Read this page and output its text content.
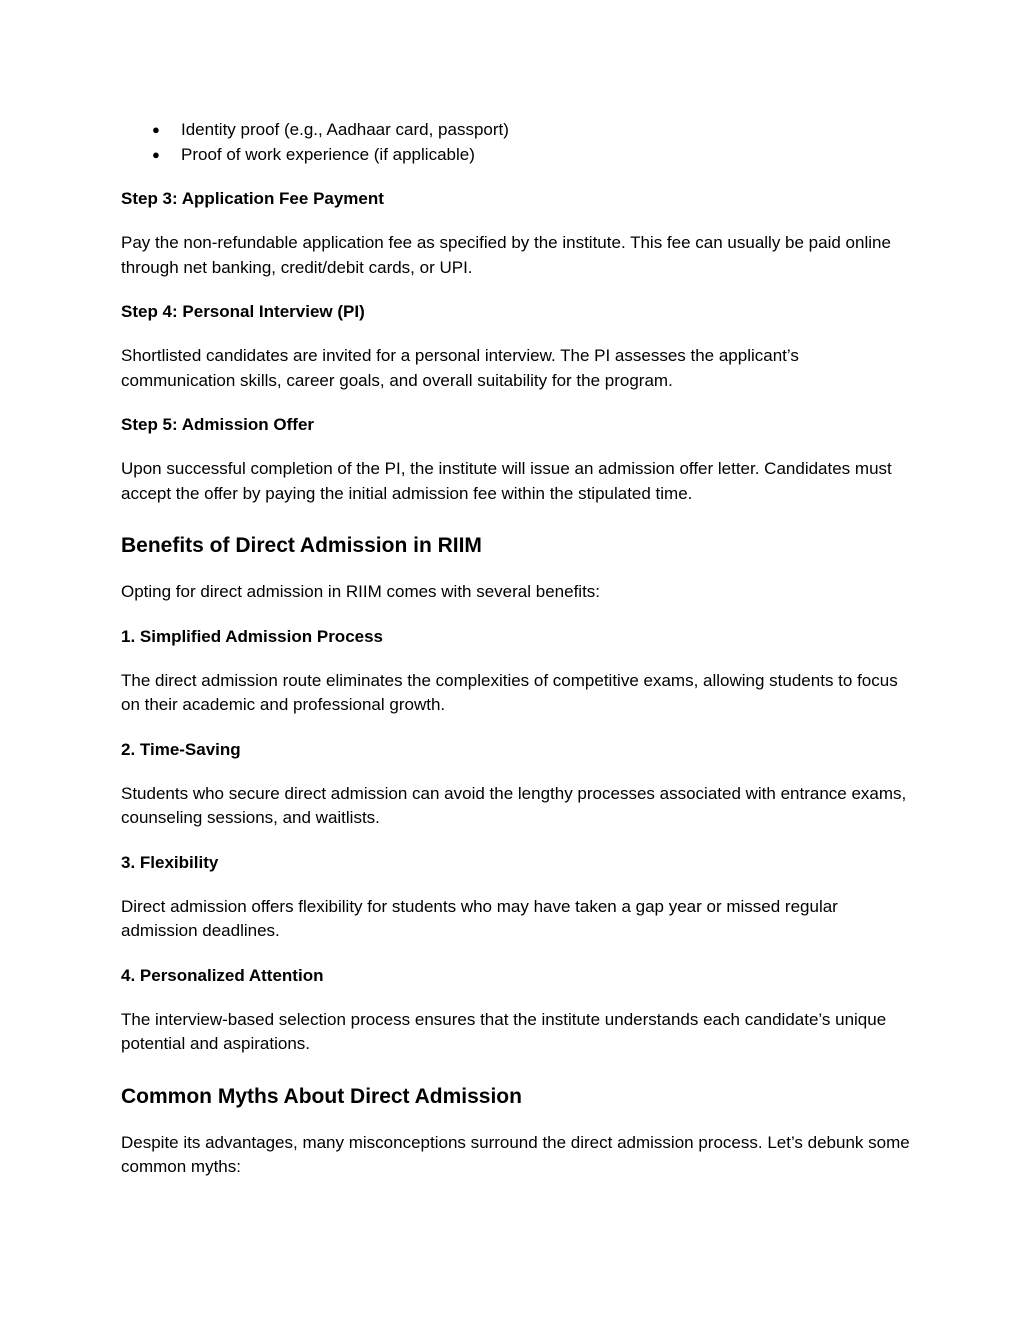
● Identity proof (e.g., Aadhaar card, passport)
● Proof of work experience (if applicable)

Step 3: Application Fee Payment

Pay the non-refundable application fee as specified by the institute. This fee can usually be paid online through net banking, credit/debit cards, or UPI.

Step 4: Personal Interview (PI)

Shortlisted candidates are invited for a personal interview. The PI assesses the applicant’s communication skills, career goals, and overall suitability for the program.

Step 5: Admission Offer

Upon successful completion of the PI, the institute will issue an admission offer letter. Candidates must accept the offer by paying the initial admission fee within the stipulated time.

Benefits of Direct Admission in RIIM

Opting for direct admission in RIIM comes with several benefits:

1. Simplified Admission Process

The direct admission route eliminates the complexities of competitive exams, allowing students to focus on their academic and professional growth.

2. Time-Saving

Students who secure direct admission can avoid the lengthy processes associated with entrance exams, counseling sessions, and waitlists.

3. Flexibility

Direct admission offers flexibility for students who may have taken a gap year or missed regular admission deadlines.

4. Personalized Attention

The interview-based selection process ensures that the institute understands each candidate’s unique potential and aspirations.

Common Myths About Direct Admission

Despite its advantages, many misconceptions surround the direct admission process. Let’s debunk some common myths:
